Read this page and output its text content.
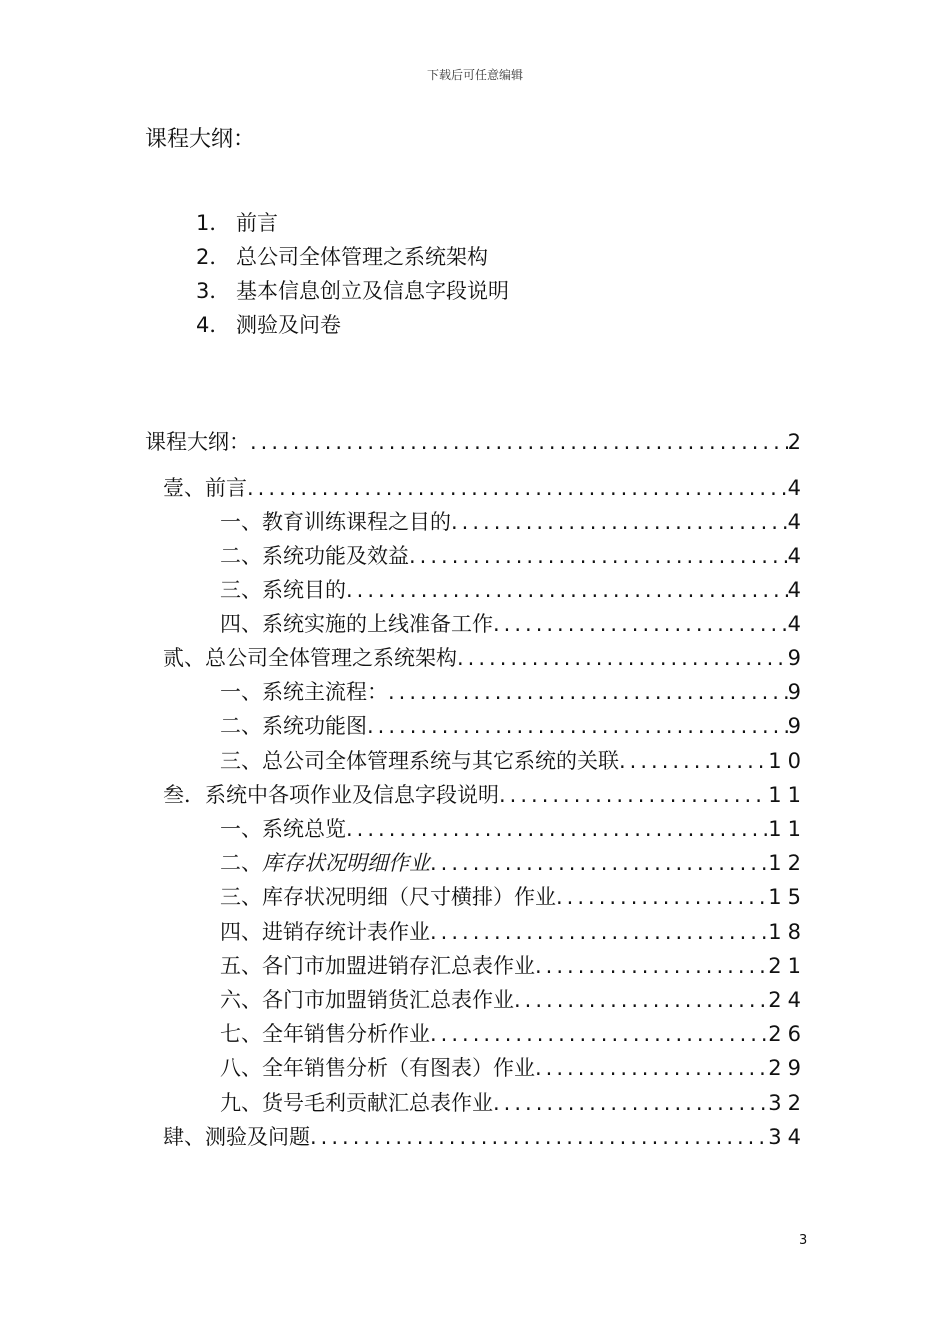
下载后可任意编辑
课程大纲：
1． 前言
2． 总公司全体管理之系统架构
3． 基本信息创立及信息字段说明
4． 测验及问卷
课程大纲： .....	2
壹、 前言 .....	4
一、 教育训练课程之目的 .....	4
二、 系统功能及效益 .....	4
三、 系统目的 .....	4
四、 系统实施的上线准备工作 .....	4
贰、 总公司全体管理之系统架构 .....	9
一、 系统主流程： .....	9
二、 系统功能图 .....	9
三、 总公司全体管理系统与其它系统的关联 .....	10
叁． 系统中各项作业及信息字段说明 .....	11
一、 系统总览 .....	11
二、 库存状况明细作业 .....	12
三、 库存状况明细（尺寸横排）作业 .....	15
四、 进销存统计表作业 .....	18
五、 各门市加盟进销存汇总表作业 .....	21
六、 各门市加盟销货汇总表作业 .....	24
七、 全年销售分析作业 .....	26
八、 全年销售分析（有图表）作业 .....	29
九、 货号毛利贡献汇总表作业 .....	32
肆、 测验及问题 .....	34
3
